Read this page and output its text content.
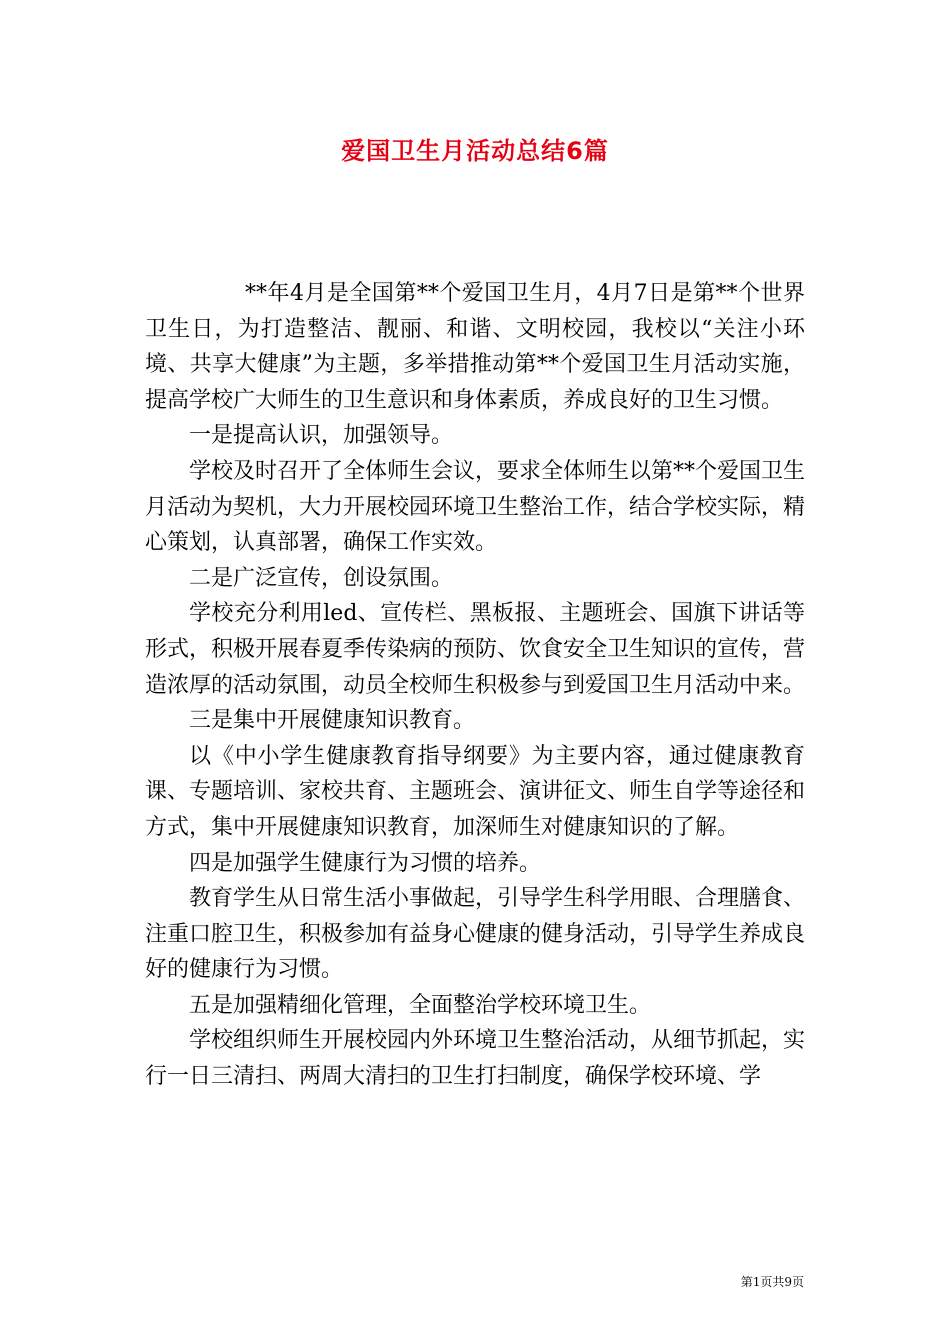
爱国卫生月活动总结6篇

**年4月是全国第**个爱国卫生月，4月7日是第**个世界卫生日，为打造整洁、靓丽、和谐、文明校园，我校以“关注小环境、共享大健康”为主题，多举措推动第**个爱国卫生月活动实施，提高学校广大师生的卫生意识和身体素质，养成良好的卫生习惯。

一是提高认识，加强领导。

学校及时召开了全体师生会议，要求全体师生以第**个爱国卫生月活动为契机，大力开展校园环境卫生整治工作，结合学校实际，精心策划，认真部署，确保工作实效。

二是广泛宣传，创设氛围。

学校充分利用led、宣传栏、黑板报、主题班会、国旗下讲话等形式，积极开展春夏季传染病的预防、饮食安全卫生知识的宣传，营造浓厚的活动氛围，动员全校师生积极参与到爱国卫生月活动中来。

三是集中开展健康知识教育。

以《中小学生健康教育指导纲要》为主要内容，通过健康教育课、专题培训、家校共育、主题班会、演讲征文、师生自学等途径和方式，集中开展健康知识教育，加深师生对健康知识的了解。

四是加强学生健康行为习惯的培养。

教育学生从日常生活小事做起，引导学生科学用眼、合理膳食、注重口腔卫生，积极参加有益身心健康的健身活动，引导学生养成良好的健康行为习惯。

五是加强精细化管理，全面整治学校环境卫生。

学校组织师生开展校园内外环境卫生整治活动，从细节抓起，实行一日三清扫、两周大清扫的卫生打扫制度，确保学校环境、学

第1页共9页
